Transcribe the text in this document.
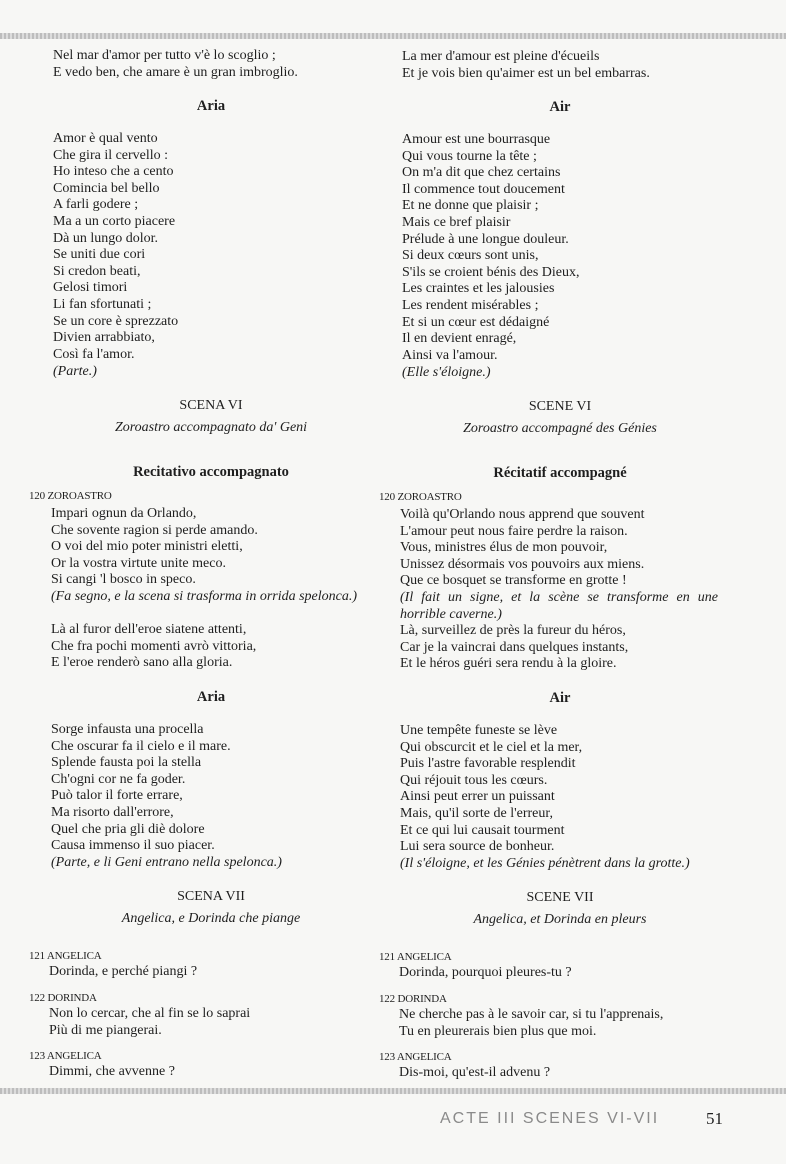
Nel mar d'amor per tutto v'è lo scoglio ;
E vedo ben, che amare è un gran imbroglio.
Aria
Amor è qual vento
Che gira il cervello :
Ho inteso che a cento
Comincia bel bello
A farli godere ;
Ma a un corto piacere
Dà un lungo dolor.
Se uniti due cori
Si credon beati,
Gelosi timori
Li fan sfortunati ;
Se un core è sprezzato
Divien arrabbiato,
Così fa l'amor.
(Parte.)
SCENA VI
Zoroastro accompagnato da' Geni
Recitativo accompagnato
120 ZOROASTRO
Impari ognun da Orlando,
Che sovente ragion si perde amando.
O voi del mio poter ministri eletti,
Or la vostra virtute unite meco.
Si cangi 'l bosco in speco.
(Fa segno, e la scena si trasforma in orrida spelonca.)
Là al furor dell'eroe siatene attenti,
Che fra pochi momenti avrò vittoria,
E l'eroe renderò sano alla gloria.
Aria
Sorge infausta una procella
Che oscurar fa il cielo e il mare.
Splende fausta poi la stella
Ch'ogni cor ne fa goder.
Può talor il forte errare,
Ma risorto dall'errore,
Quel che pria gli diè dolore
Causa immenso il suo piacer.
(Parte, e li Geni entrano nella spelonca.)
SCENA VII
Angelica, e Dorinda che piange
121 ANGELICA
Dorinda, e perché piangi ?
122 DORINDA
Non lo cercar, che al fin se lo saprai
Più di me piangerai.
123 ANGELICA
Dimmi, che avvenne ?
La mer d'amour est pleine d'écueils
Et je vois bien qu'aimer est un bel embarras.
Air
Amour est une bourrasque
Qui vous tourne la tête ;
On m'a dit que chez certains
Il commence tout doucement
Et ne donne que plaisir ;
Mais ce bref plaisir
Prélude à une longue douleur.
Si deux cœurs sont unis,
S'ils se croient bénis des Dieux,
Les craintes et les jalousies
Les rendent misérables ;
Et si un cœur est dédaigné
Il en devient enragé,
Ainsi va l'amour.
(Elle s'éloigne.)
SCENE VI
Zoroastro accompagné des Génies
Récitatif accompagné
120 ZOROASTRO
Voilà qu'Orlando nous apprend que souvent
L'amour peut nous faire perdre la raison.
Vous, ministres élus de mon pouvoir,
Unissez désormais vos pouvoirs aux miens.
Que ce bosquet se transforme en grotte !
(Il fait un signe, et la scène se transforme en une horrible caverne.)
Là, surveillez de près la fureur du héros,
Car je la vaincrai dans quelques instants,
Et le héros guéri sera rendu à la gloire.
Air
Une tempête funeste se lève
Qui obscurcit et le ciel et la mer,
Puis l'astre favorable resplendit
Qui réjouit tous les cœurs.
Ainsi peut errer un puissant
Mais, qu'il sorte de l'erreur,
Et ce qui lui causait tourment
Lui sera source de bonheur.
(Il s'éloigne, et les Génies pénètrent dans la grotte.)
SCENE VII
Angelica, et Dorinda en pleurs
121 ANGELICA
Dorinda, pourquoi pleures-tu ?
122 DORINDA
Ne cherche pas à le savoir car, si tu l'apprenais,
Tu en pleurerais bien plus que moi.
123 ANGELICA
Dis-moi, qu'est-il advenu ?
ACTE III SCENES VI-VII	51
